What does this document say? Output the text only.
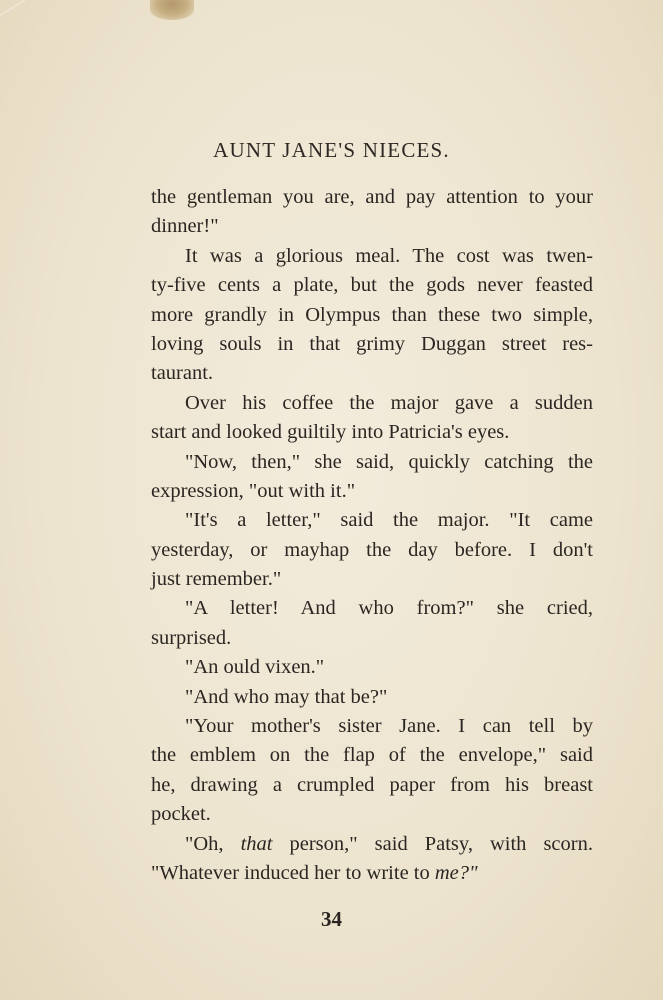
AUNT JANE'S NIECES.
the gentleman you are, and pay attention to your
dinner!"
It was a glorious meal. The cost was twen-
ty-five cents a plate, but the gods never feasted
more grandly in Olympus than these two simple,
loving souls in that grimy Duggan street res-
taurant.
Over his coffee the major gave a sudden
start and looked guiltily into Patricia's eyes.
"Now, then," she said, quickly catching the
expression, "out with it."
"It's a letter," said the major. "It came
yesterday, or mayhap the day before. I don't
just remember."
"A letter! And who from?" she cried,
surprised.
"An ould vixen."
"And who may that be?"
"Your mother's sister Jane. I can tell by
the emblem on the flap of the envelope," said
he, drawing a crumpled paper from his breast
pocket.
"Oh, that person," said Patsy, with scorn.
"Whatever induced her to write to me?"
34
